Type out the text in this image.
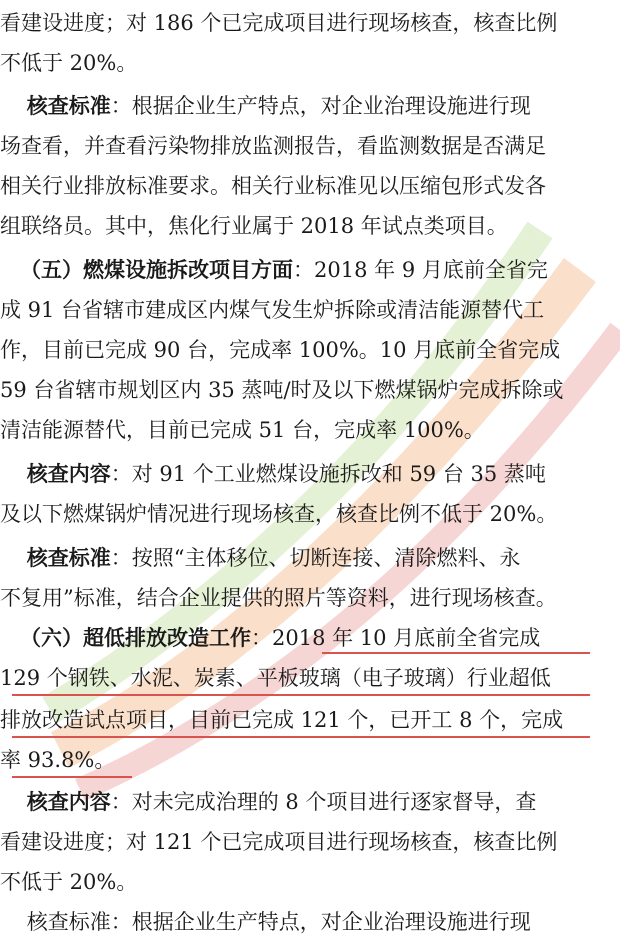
看建设进度；对 186 个已完成项目进行现场核查，核查比例
不低于 20%。
核查标准：根据企业生产特点，对企业治理设施进行现
场查看，并查看污染物排放监测报告，看监测数据是否满足
相关行业排放标准要求。相关行业标准见以压缩包形式发各
组联络员。其中，焦化行业属于 2018 年试点类项目。
（五）燃煤设施拆改项目方面：2018 年 9 月底前全省完
成 91 台省辖市建成区内煤气发生炉拆除或清洁能源替代工
作，目前已完成 90 台，完成率 100%。10 月底前全省完成
59 台省辖市规划区内 35 蒸吨/时及以下燃煤锅炉完成拆除或
清洁能源替代，目前已完成 51 台，完成率 100%。
核查内容：对 91 个工业燃煤设施拆改和 59 台 35 蒸吨
及以下燃煤锅炉情况进行现场核查，核查比例不低于 20%。
核查标准：按照“主体移位、切断连接、清除燃料、永
不复用”标准，结合企业提供的照片等资料，进行现场核查。
（六）超低排放改造工作：2018 年 10 月底前全省完成
129 个钢铁、水泥、炭素、平板玻璃（电子玻璃）行业超低
排放改造试点项目，目前已完成 121 个，已开工 8 个，完成
率 93.8%。
核查内容：对未完成治理的 8 个项目进行逐家督导，查
看建设进度；对 121 个已完成项目进行现场核查，核查比例
不低于 20%。
核查标准：根据企业生产特点，对企业治理设施进行现
